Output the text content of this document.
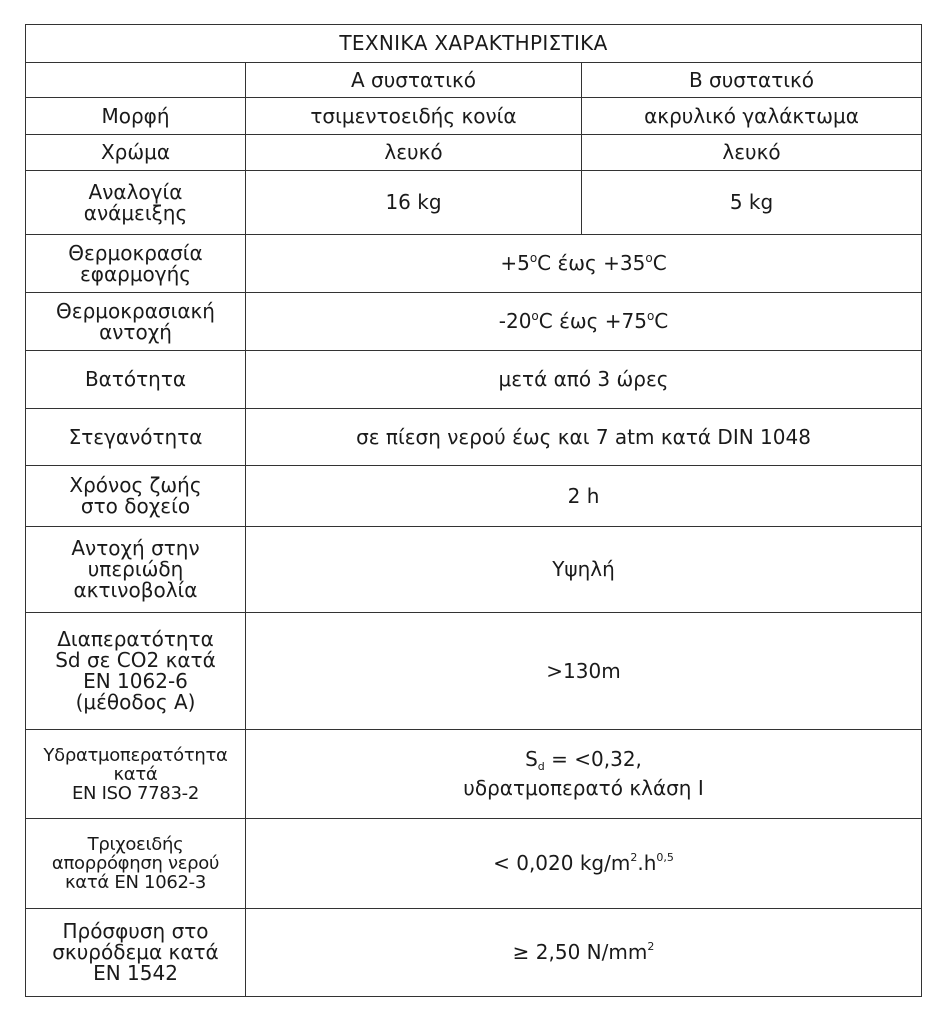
ΤΕΧΝΙΚΑ ΧΑΡΑΚΤΗΡΙΣΤΙΚΑ		
	Α συστατικό	Β συστατικό
Μορφή	τσιμεντοειδής κονία	ακρυλικό γαλάκτωμα
Χρώμα	λευκό	λευκό

Αναλογία
ανάμειξης	16 kg	5 kg

Θερμοκρασία
εφαρμογής	$+5^oC$ $έ\omega\varsigma +35^oC$	

Θερμοκρασιακή
αντοχή	-20$^o$C $έ\omega\varsigma +75^oC$	
Βατότητα	μετά από 3 ώρες	
Στεγανότητα	σε πίεση νερού έως και 7 atm κατά DIN 1048	

Χρόνος ζωής
στο δοχείο	2 h	

Αντοχή στην
υπεριώδη
ακτινοβολία	Υψηλή	

Διαπερατότητα
Sd σε CO2 κατά
EN 1062-6
(μέθοδος Α)	>130m	

Υδρατμοπερατότητα
κατά
EN ISO 7783-2	$S_d = <0,32$,
υδρατμοπερατό κλάση Ι	

Τριχοειδής
απορρόφηση νερού
κατά EN 1062-3	< 0,020 $kg/m^2.h^{0,5}$

Πρόσφυση στο
σκυρόδεμα κατά
EN 1542	≥ 2,50 $N/mm^2$
